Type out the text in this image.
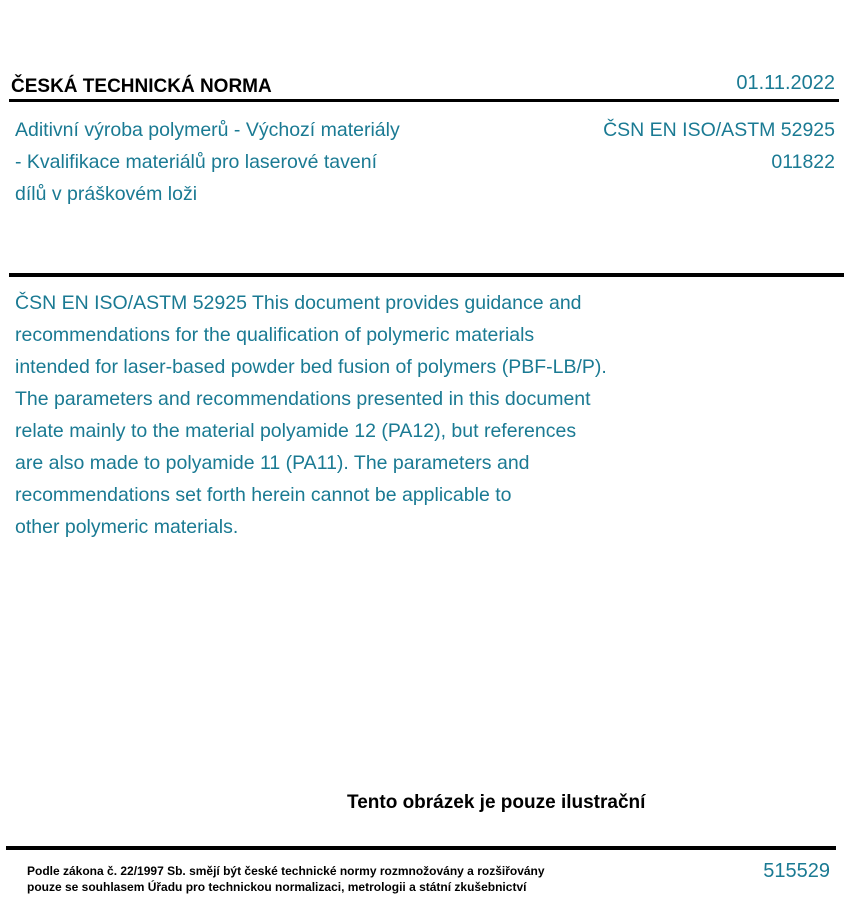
ČESKÁ TECHNICKÁ NORMA	01.11.2022
Aditivní výroba polymerů - Výchozí materiály
- Kvalifikace materiálů pro laserové tavení
dílů v práškovém loži
ČSN EN ISO/ASTM 52925
011822
ČSN EN ISO/ASTM 52925 This document provides guidance and
recommendations for the qualification of polymeric materials
intended for laser-based powder bed fusion of polymers (PBF-LB/P).
The parameters and recommendations presented in this document
relate mainly to the material polyamide 12 (PA12), but references
are also made to polyamide 11 (PA11). The parameters and
recommendations set forth herein cannot be applicable to
other polymeric materials.
Tento obrázek je pouze ilustrační
Podle zákona č. 22/1997 Sb. smějí být české technické normy rozmnožovány a rozšiřovány
pouze se souhlasem Úřadu pro technickou normalizaci, metrologii a státní zkušebnictví
515529
